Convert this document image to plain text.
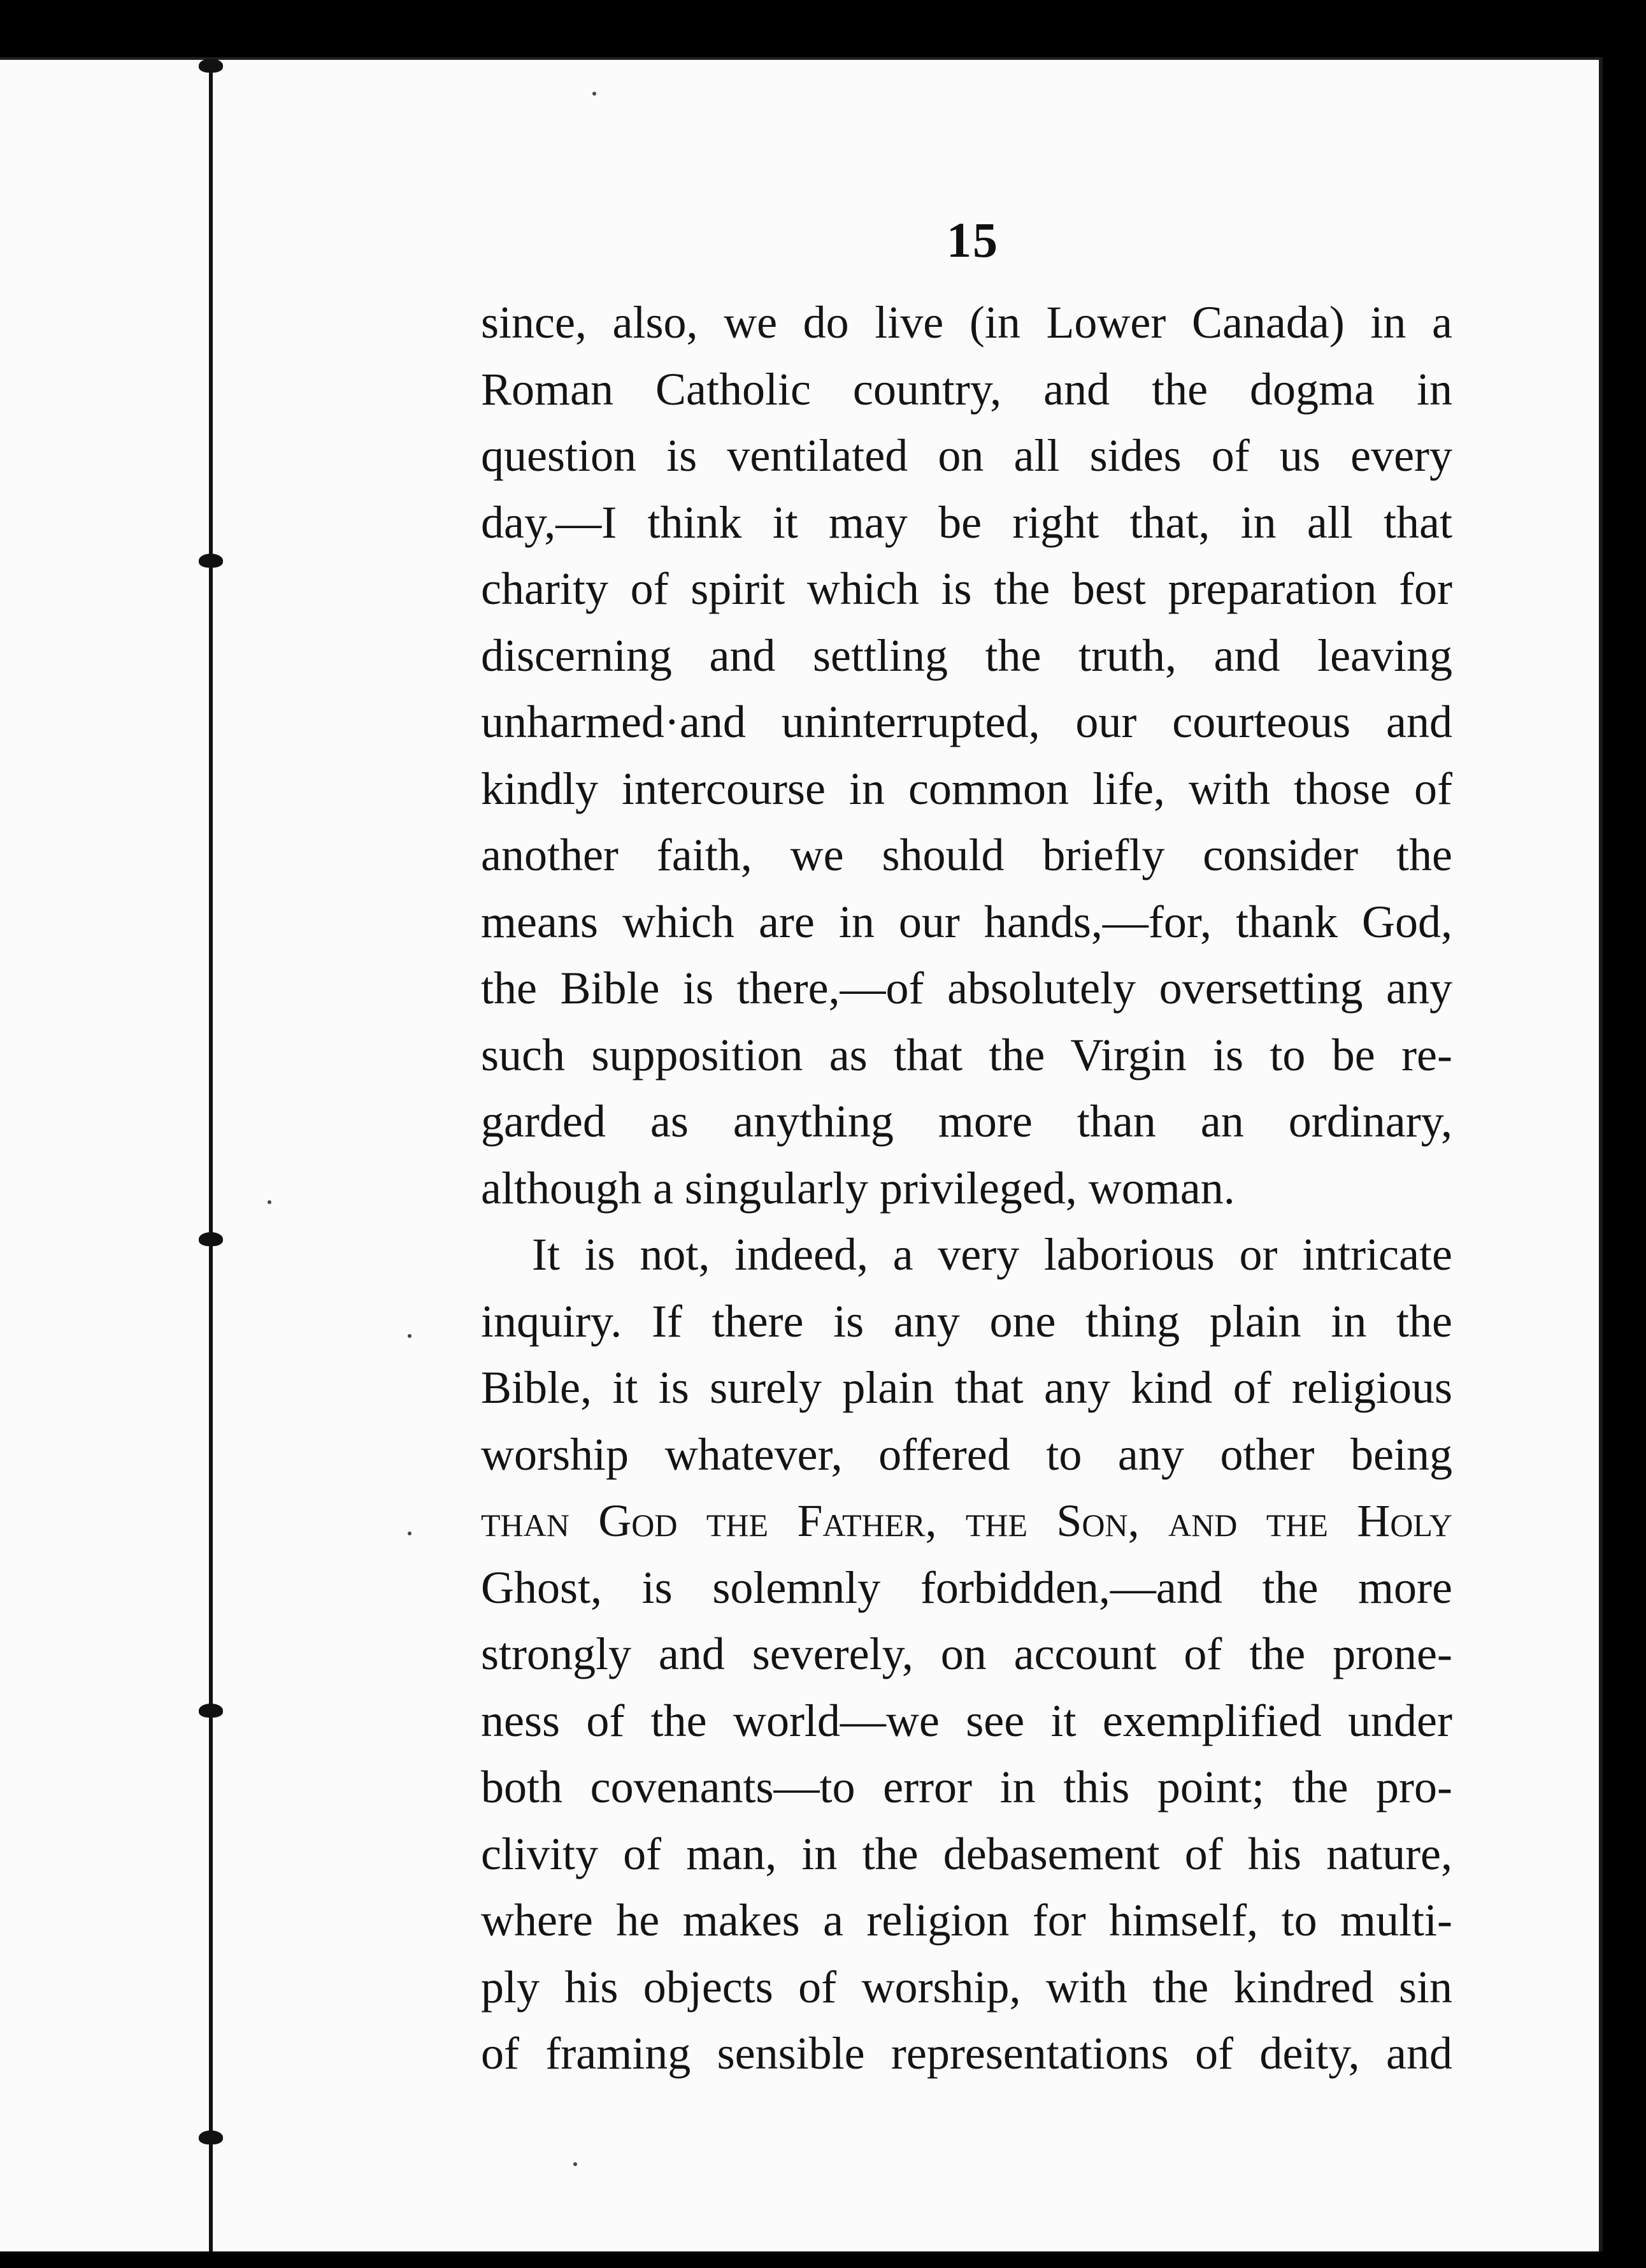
15
since, also, we do live (in Lower Canada) in a
Roman Catholic country, and the dogma in
question is ventilated on all sides of us every
day,—I think it may be right that, in all that
charity of spirit which is the best preparation for
discerning and settling the truth, and leaving
unharmed·and uninterrupted, our courteous and
kindly intercourse in common life, with those of
another faith, we should briefly consider the
means which are in our hands,—for, thank God,
the Bible is there,—of absolutely oversetting any
such supposition as that the Virgin is to be re-
garded as anything more than an ordinary,
although a singularly privileged, woman.
It is not, indeed, a very laborious or intricate
inquiry. If there is any one thing plain in the
Bible, it is surely plain that any kind of religious
worship whatever, offered to any other being
than God the Father, the Son, and the Holy
Ghost, is solemnly forbidden,—and the more
strongly and severely, on account of the prone-
ness of the world—we see it exemplified under
both covenants—to error in this point; the pro-
clivity of man, in the debasement of his nature,
where he makes a religion for himself, to multi-
ply his objects of worship, with the kindred sin
of framing sensible representations of deity, and
